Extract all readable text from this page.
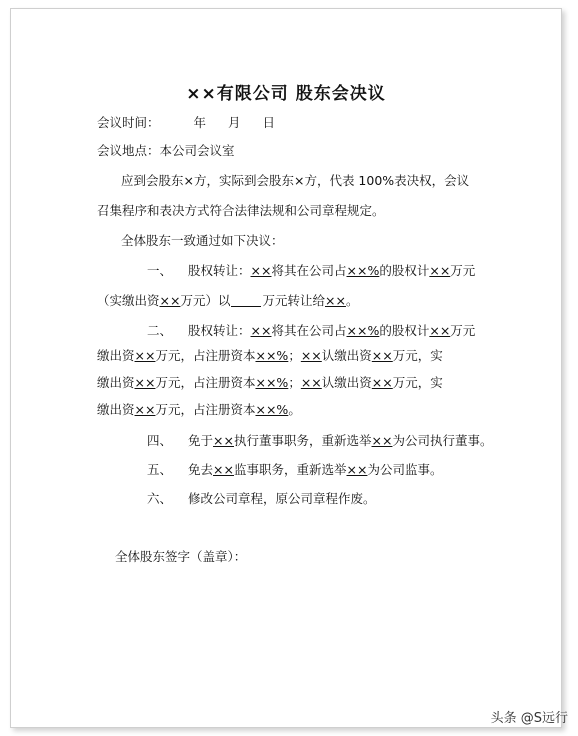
××有限公司 股东会决议
会议时间：	年 月 日
会议地点：本公司会议室
应到会股东×方，实际到会股东×方，代表 100%表决权，会议
召集程序和表决方式符合法律法规和公司章程规定。
全体股东一致通过如下决议：
一、 股权转让：××将其在公司占××%的股权计××万元
（实缴出资××万元）以	万元转让给××。
二、 股权转让：××将其在公司占××%的股权计××万元
缴出资××万元，占注册资本××%；××认缴出资××万元，实
缴出资××万元，占注册资本××%；××认缴出资××万元，实
缴出资××万元，占注册资本××%。
四、 免于××执行董事职务，重新选举××为公司执行董事。
五、 免去××监事职务，重新选举××为公司监事。
六、 修改公司章程，原公司章程作废。
全体股东签字（盖章）：
头条 @S远行
